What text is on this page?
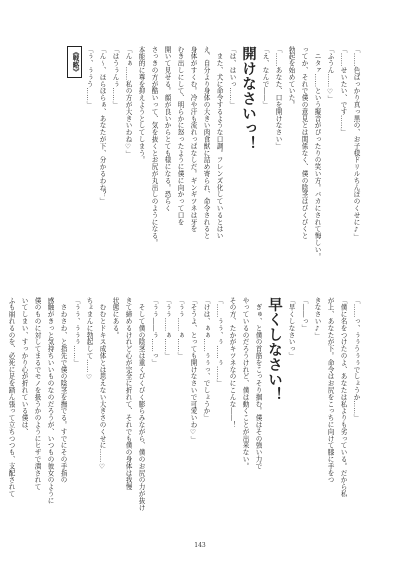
「……色ばっかり真っ黒の、お子様ドリルちんぽのくせに♪」
「……せいたい、です……」
「ふうん……♡」
　ニタァ……という擬音がぴったりの笑い方。バカにされて悔しい。
ってか、それで僕の意見とは関係なく、僕の陰茎はびくびくと
勃起を始めていた。
「……あなた、口を開けなさい」
「え、なんで――」
開けなさいっ！
「は、はいっ……」
　また、犬に命令するような口調。フレンズ化しているとはい
え、自分より身体の大きい肉食獣に詰め寄られ、命令されると
身体がすくむ。冷や汗も流れっぱなしだ。ギンギツネは牙を
むき出しにして、明らかに怒ったように僕に向かって口を
開いて見せる。顔が良いからとても様になる。恐らく
さっきの方が酷いって、気を抜くとお尻が丸出しのようになる。
本能的に尊を抑えようとしてしまう。
「んぁ……私の方が大きいわね♡」
「はうぅんぅ……」
「ん～、ほらほらぁ、あなたが下、分かるわね？」
「ぅ、ぅぅう……」
《戦略》
「……っ、ぅぅうぅぅでしょうか……」
「僕に名をつけたのよ、あなたは私よりも劣っている。だから私
が上、あなたが下。命令はお尻をこっちに向けて膝に手をつ
きなさい♪」
「――っ」
「早くしなさいっ」
早くしなさい！
　ぎゅ、と僕の首筋をこっそり掴む。僕はその強い力で
やっているのだろうけれど、僕は動くことが出来ない。
その方、たかがキツネなのにこんな――！
「……ぅぅ、ぅ……ぅ……」
「けは、ぁぁ……ぅぅっ、でしょうか」
「そうよ、とっても開けなさいで可愛いわ♡」
「ぅぅ……ぁ……」
「ぅぅ……ぁ……」
「ぅぅ――ぅ……っ」
　そして僕の陰茎は重くびくびく膨らみながら、僕のお尻の力が抜け
きて締めるけれど心が完全に折れて、それでも僕の身体は我慢
状態にある。
　むむとドキス成体とは思えない大きさのくせに……♡
ちょまんに勃起して……♡
「ぅぅ、ぅぅぅ……」
　さわさわ、と指先で僕の陰茎を撫でる。すでにその手指の
感触がきっと気持ちいいものなのだろうが、いつもの彼女のように
僕のものに対してまるでモノを扱うかのようにヒザで潰されて
いてしまい、すっかり心が折れている僕は、
ふも崩れるのを、必死に足を踏ん張って立ちつつも、支配されて
143
